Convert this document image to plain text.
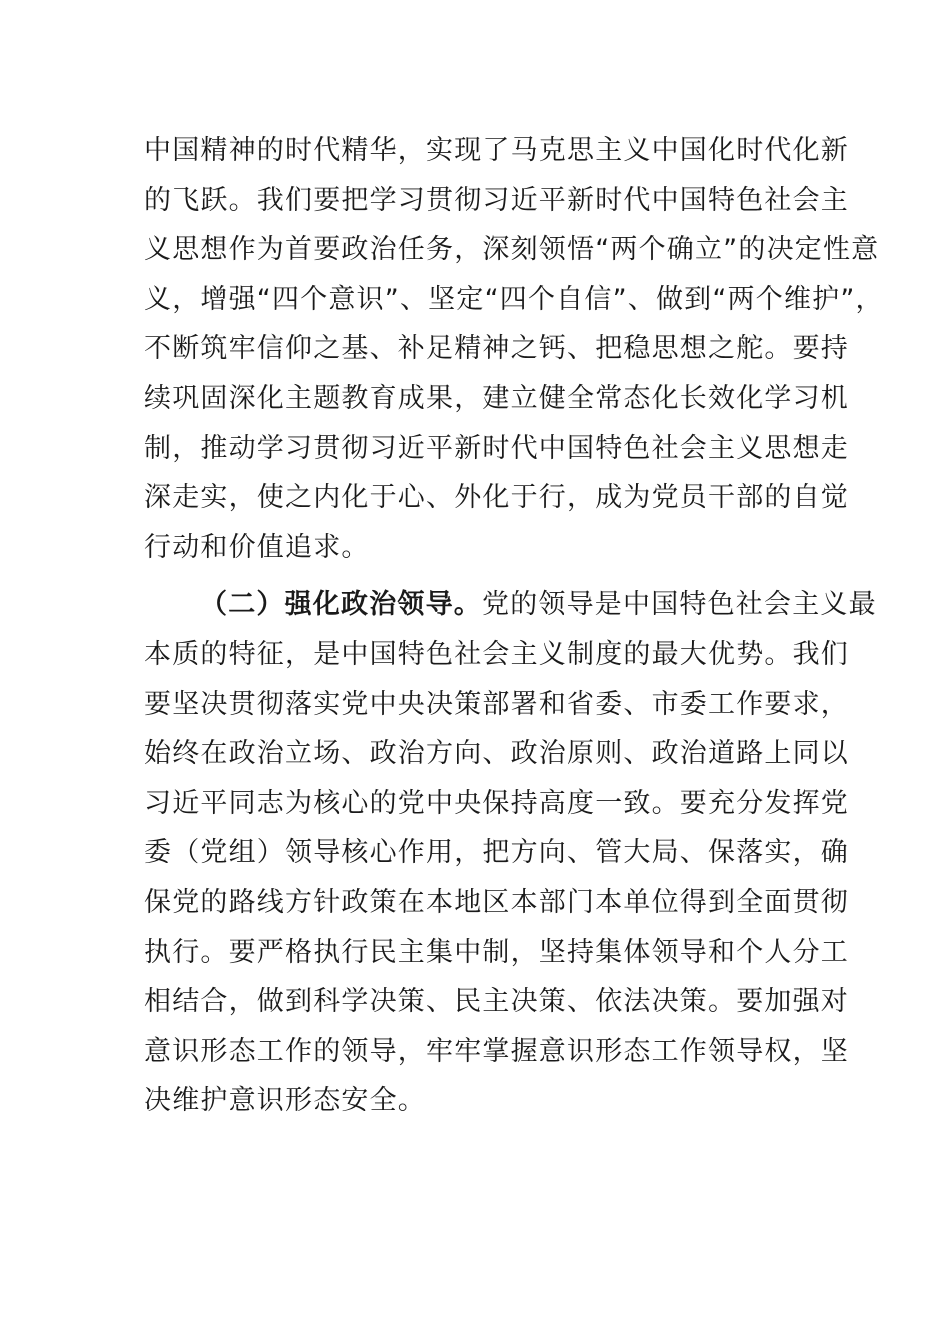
中国精神的时代精华，实现了马克思主义中国化时代化新
的飞跃。我们要把学习贯彻习近平新时代中国特色社会主
义思想作为首要政治任务，深刻领悟“两个确立”的决定性意
义，增强“四个意识”、坚定“四个自信”、做到“两个维护”，
不断筑牢信仰之基、补足精神之钙、把稳思想之舵。要持
续巩固深化主题教育成果，建立健全常态化长效化学习机
制，推动学习贯彻习近平新时代中国特色社会主义思想走
深走实，使之内化于心、外化于行，成为党员干部的自觉
行动和价值追求。
（二）强化政治领导。党的领导是中国特色社会主义最
本质的特征，是中国特色社会主义制度的最大优势。我们
要坚决贯彻落实党中央决策部署和省委、市委工作要求，
始终在政治立场、政治方向、政治原则、政治道路上同以
习近平同志为核心的党中央保持高度一致。要充分发挥党
委（党组）领导核心作用，把方向、管大局、保落实，确
保党的路线方针政策在本地区本部门本单位得到全面贯彻
执行。要严格执行民主集中制，坚持集体领导和个人分工
相结合，做到科学决策、民主决策、依法决策。要加强对
意识形态工作的领导，牢牢掌握意识形态工作领导权，坚
决维护意识形态安全。
